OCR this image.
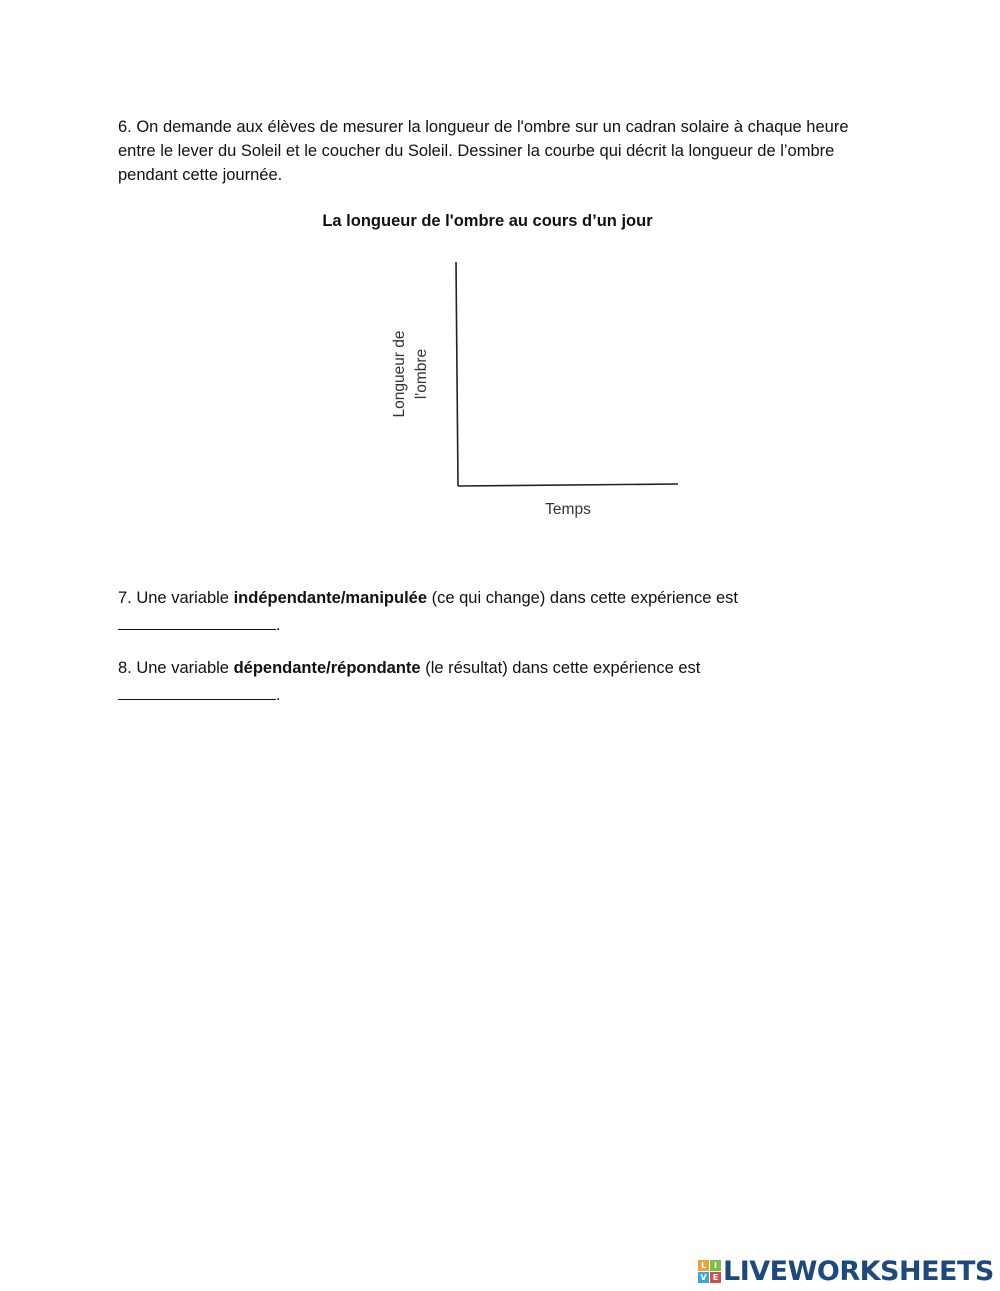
6. On demande aux élèves de mesurer la longueur de l'ombre sur un cadran solaire à chaque heure entre le lever du Soleil et le coucher du Soleil. Dessiner la courbe qui décrit la longueur de l’ombre pendant cette journée.

La longueur de l'ombre au cours d’un jour
Longueur de l'ombre
Temps

7. Une variable indépendante/manipulée (ce qui change) dans cette expérience est

.

8. Une variable dépendante/répondante (le résultat) dans cette expérience est

.

L I
V E LIVEWORKSHEETS
